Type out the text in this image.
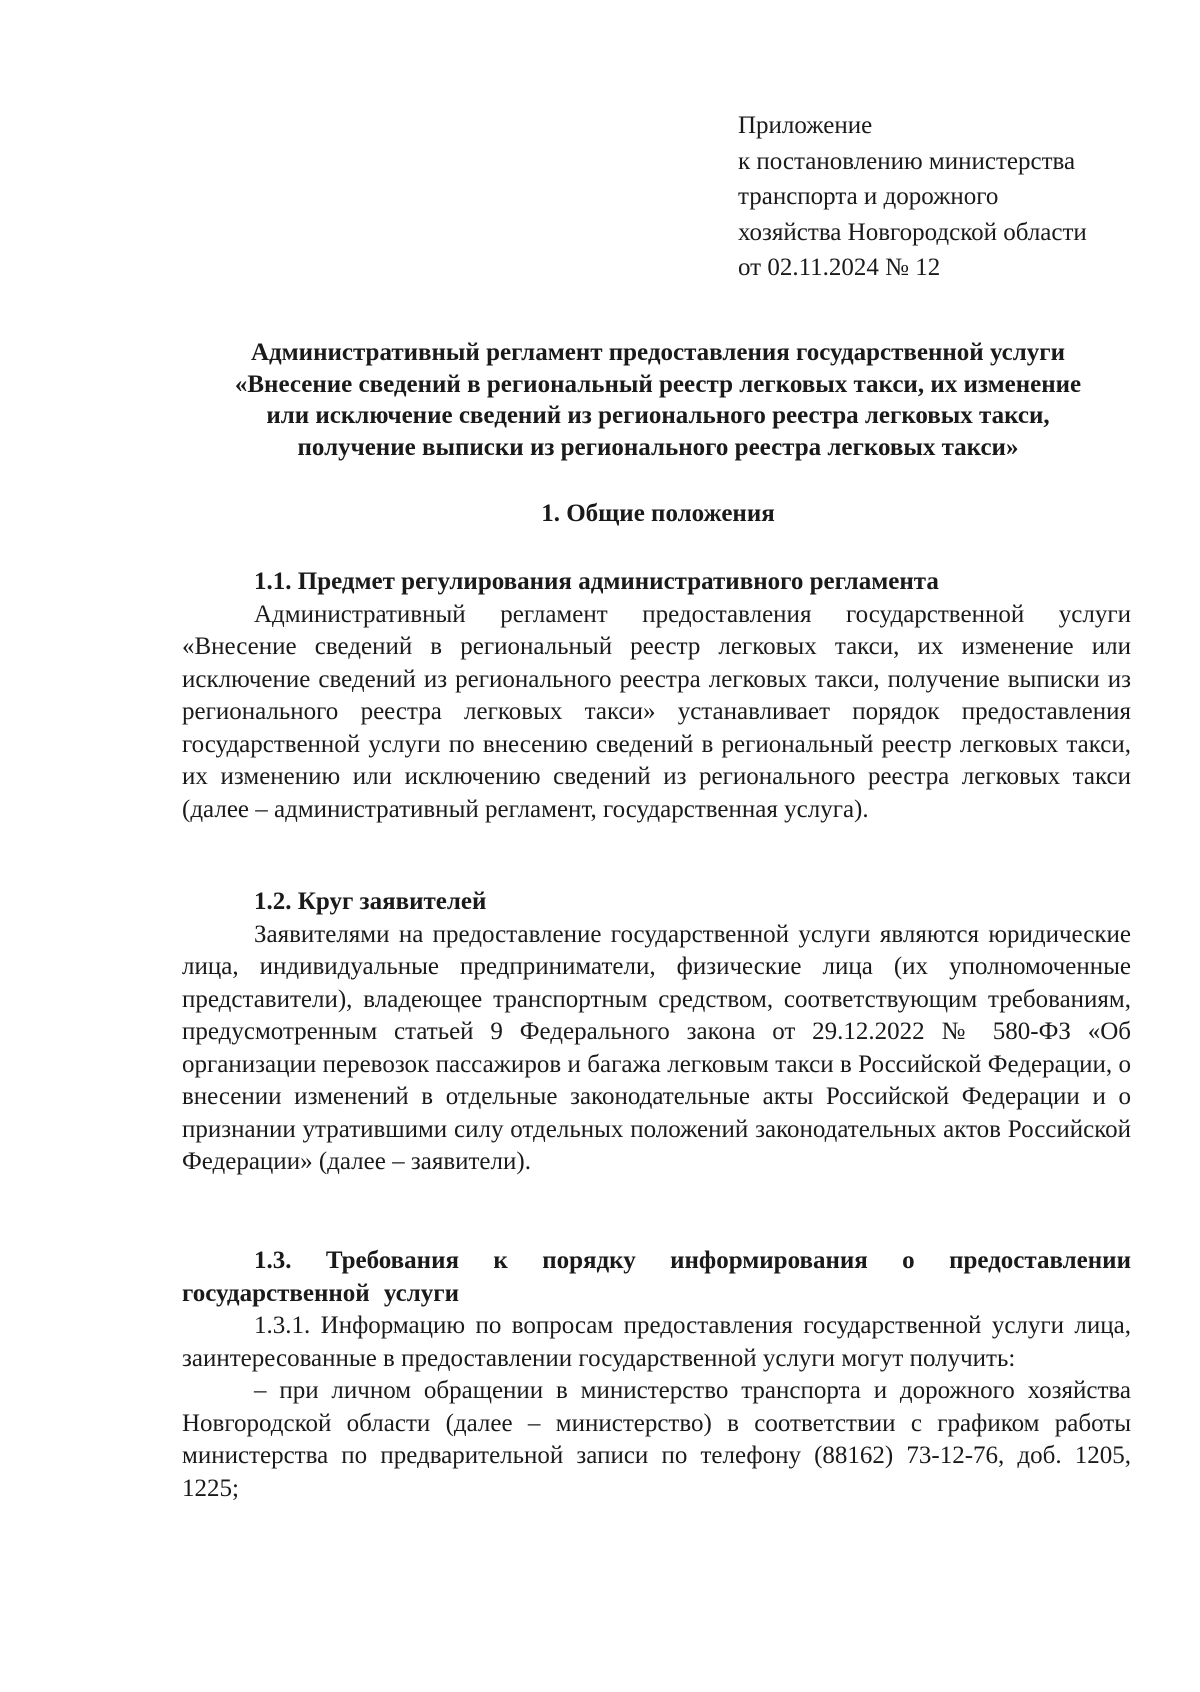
Приложение
к постановлению министерства
транспорта и дорожного
хозяйства Новгородской области
от 02.11.2024 № 12
Административный регламент предоставления государственной услуги
«Внесение сведений в региональный реестр легковых такси, их изменение
или исключение сведений из регионального реестра легковых такси,
получение выписки из регионального реестра легковых такси»
1. Общие положения
1.1. Предмет регулирования административного регламента
Административный регламент предоставления государственной услуги «Внесение сведений в региональный реестр легковых такси, их изменение или исключение сведений из регионального реестра легковых такси, получение выписки из регионального реестра легковых такси» устанавливает порядок предоставления государственной услуги по внесению сведений в региональный реестр легковых такси, их изменению или исключению сведений из регионального реестра легковых такси (далее – административный регламент, государственная услуга).
1.2. Круг заявителей
Заявителями на предоставление государственной услуги являются юридические лица, индивидуальные предприниматели, физические лица (их уполномоченные представители), владеющее транспортным средством, соответствующим требованиям, предусмотренным статьей 9 Федерального закона от 29.12.2022 № 580-ФЗ «Об организации перевозок пассажиров и багажа легковым такси в Российской Федерации, о внесении изменений в отдельные законодательные акты Российской Федерации и о признании утратившими силу отдельных положений законодательных актов Российской Федерации» (далее – заявители).
1.3. Требования к порядку информирования о предоставлении государственной услуги
1.3.1. Информацию по вопросам предоставления государственной услуги лица, заинтересованные в предоставлении государственной услуги могут получить:
– при личном обращении в министерство транспорта и дорожного хозяйства Новгородской области (далее – министерство) в соответствии с графиком работы министерства по предварительной записи по телефону (88162) 73-12-76, доб. 1205, 1225;
